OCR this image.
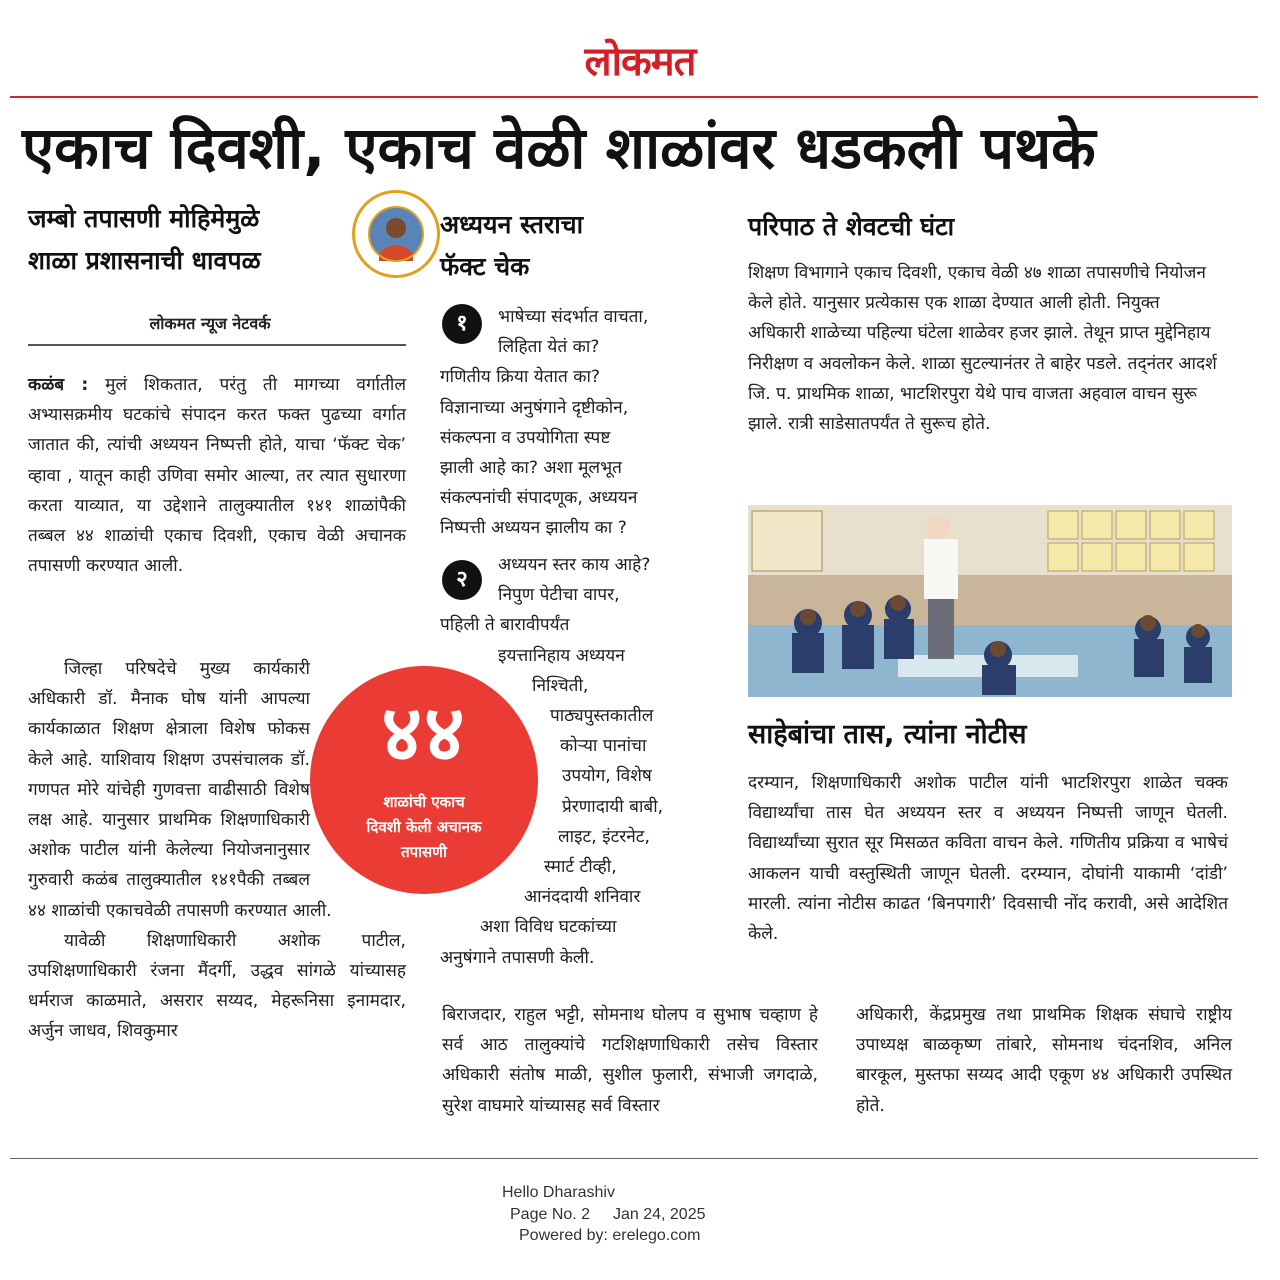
लोकमत
एकाच दिवशी, एकाच वेळी शाळांवर धडकली पथके
जम्बो तपासणी मोहिमेमुळे
शाळा प्रशासनाची धावपळ
लोकमत न्यूज नेटवर्क

कळंब : मुलं शिकतात, परंतु ती मागच्या वर्गातील अभ्यासक्रमीय घटकांचे संपादन करत फक्त पुढच्या वर्गात जातात की, त्यांची अध्ययन निष्पत्ती होते, याचा ‘फॅक्ट चेक’ व्हावा , यातून काही उणिवा समोर आल्या, तर त्यात सुधारणा करता याव्यात, या उद्देशाने तालुक्यातील १४१ शाळांपैकी तब्बल ४४ शाळांची एकाच दिवशी, एकाच वेळी अचानक तपासणी करण्यात आली.

जिल्हा परिषदेचे मुख्य कार्यकारी अधिकारी डॉ. मैनाक घोष यांनी आपल्या कार्यकाळात शिक्षण क्षेत्राला विशेष फोकस केले आहे. याशिवाय शिक्षण उपसंचालक डॉ. गणपत मोरे यांचेही गुणवत्ता वाढीसाठी विशेष लक्ष आहे. यानुसार प्राथमिक शिक्षणाधिकारी अशोक पाटील यांनी केलेल्या नियोजनानुसार गुरुवारी कळंब तालुक्यातील १४१पैकी तब्बल ४४ शाळांची एकाचवेळी तपासणी करण्यात आली.

यावेळी शिक्षणाधिकारी अशोक पाटील, उपशिक्षणाधिकारी रंजना मैंदर्गी, उद्धव सांगळे यांच्यासह धर्मराज काळमाते, असरार सय्यद, मेहरूनिसा इनामदार, अर्जुन जाधव, शिवकुमार

४४
शाळांची एकाच
दिवशी केली अचानक
तपासणी
अध्ययन स्तराचा
फॅक्ट चेक
१	भाषेच्या संदर्भात वाचता,
लिहिता येतं का?
गणितीय क्रिया येतात का?
विज्ञानाच्या अनुषंगाने दृष्टीकोन,
संकल्पना व उपयोगिता स्पष्ट
झाली आहे का? अशा मूलभूत
संकल्पनांची संपादणूक, अध्ययन
निष्पत्ती अध्ययन झालीय का ?
२
अध्ययन स्तर काय आहे?
निपुण पेटीचा वापर,
पहिली ते बारावीपर्यंत
इयत्तानिहाय अध्ययन
निश्चिती,
पाठ्यपुस्तकातील
कोऱ्या पानांचा
उपयोग, विशेष
प्रेरणादायी बाबी,
लाइट, इंटरनेट,
स्मार्ट टीव्ही,
आनंददायी शनिवार
अशा विविध घटकांच्या
अनुषंगाने तपासणी केली.
परिपाठ ते शेवटची घंटा
शिक्षण विभागाने एकाच दिवशी, एकाच वेळी ४७ शाळा तपासणीचे नियोजन केले होते. यानुसार प्रत्येकास एक शाळा देण्यात आली होती. नियुक्त अधिकारी शाळेच्या पहिल्या घंटेला शाळेवर हजर झाले. तेथून प्राप्त मुद्देनिहाय निरीक्षण व अवलोकन केले. शाळा सुटल्यानंतर ते बाहेर पडले. तद्नंतर आदर्श जि. प. प्राथमिक शाळा, भाटशिरपुरा येथे पाच वाजता अहवाल वाचन सुरू झाले. रात्री साडेसातपर्यंत ते सुरूच होते.
साहेबांचा तास, त्यांना नोटीस
दरम्यान, शिक्षणाधिकारी अशोक पाटील यांनी भाटशिरपुरा शाळेत चक्क विद्यार्थ्यांचा तास घेत अध्ययन स्तर व अध्ययन निष्पत्ती जाणून घेतली. विद्यार्थ्यांच्या सुरात सूर मिसळत कविता वाचन केले. गणितीय प्रक्रिया व भाषेचं आकलन याची वस्तुस्थिती जाणून घेतली. दरम्यान, दोघांनी याकामी ‘दांडी’ मारली. त्यांना नोटीस काढत ‘बिनपगारी’ दिवसाची नोंद करावी, असे आदेशित केले.
बिराजदार, राहुल भट्टी, सोमनाथ घोलप व सुभाष चव्हाण हे सर्व आठ तालुक्यांचे गटशिक्षणाधिकारी तसेच विस्तार अधिकारी संतोष माळी, सुशील फुलारी, संभाजी जगदाळे, सुरेश वाघमारे यांच्यासह सर्व विस्तार
अधिकारी, केंद्रप्रमुख तथा प्राथमिक शिक्षक संघाचे राष्ट्रीय उपाध्यक्ष बाळकृष्ण तांबारे, सोमनाथ चंदनशिव, अनिल बारकूल, मुस्तफा सय्यद आदी एकूण ४४ अधिकारी उपस्थित होते.
Hello Dharashiv
Page No. 2 Jan 24, 2025
Powered by: erelego.com
